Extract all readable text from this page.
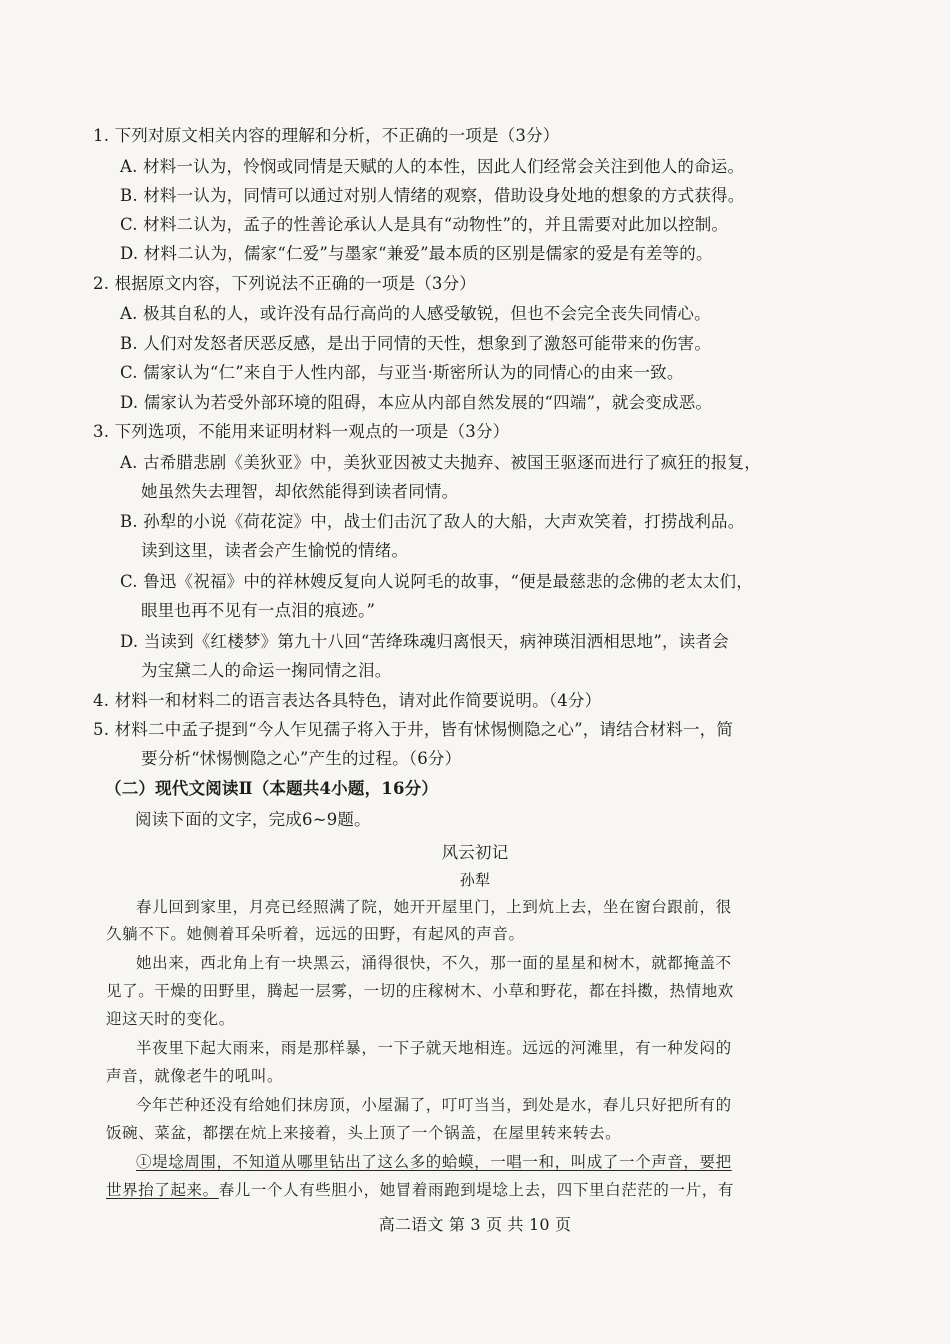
1. 下列对原文相关内容的理解和分析，不正确的一项是（3分）
A. 材料一认为，怜悯或同情是天赋的人的本性，因此人们经常会关注到他人的命运。
B. 材料一认为，同情可以通过对别人情绪的观察，借助设身处地的想象的方式获得。
C. 材料二认为，孟子的性善论承认人是具有“动物性”的，并且需要对此加以控制。
D. 材料二认为，儒家“仁爱”与墨家“兼爱”最本质的区别是儒家的爱是有差等的。
2. 根据原文内容，下列说法不正确的一项是（3分）
A. 极其自私的人，或许没有品行高尚的人感受敏锐，但也不会完全丧失同情心。
B. 人们对发怒者厌恶反感，是出于同情的天性，想象到了激怒可能带来的伤害。
C. 儒家认为“仁”来自于人性内部，与亚当·斯密所认为的同情心的由来一致。
D. 儒家认为若受外部环境的阻碍，本应从内部自然发展的“四端”，就会变成恶。
3. 下列选项，不能用来证明材料一观点的一项是（3分）
A. 古希腊悲剧《美狄亚》中，美狄亚因被丈夫抛弃、被国王驱逐而进行了疯狂的报复，
她虽然失去理智，却依然能得到读者同情。
B. 孙犁的小说《荷花淀》中，战士们击沉了敌人的大船，大声欢笑着，打捞战利品。
读到这里，读者会产生愉悦的情绪。
C. 鲁迅《祝福》中的祥林嫂反复向人说阿毛的故事，“便是最慈悲的念佛的老太太们，
眼里也再不见有一点泪的痕迹。”
D. 当读到《红楼梦》第九十八回“苦绛珠魂归离恨天，病神瑛泪洒相思地”，读者会
为宝黛二人的命运一掬同情之泪。
4. 材料一和材料二的语言表达各具特色，请对此作简要说明。（4分）
5. 材料二中孟子提到“今人乍见孺子将入于井，皆有怵惕恻隐之心”，请结合材料一，简
要分析“怵惕恻隐之心”产生的过程。（6分）
（二）现代文阅读Ⅱ（本题共4小题，16分）
阅读下面的文字，完成6~9题。
风云初记
孙犁
春儿回到家里，月亮已经照满了院，她开开屋里门，上到炕上去，坐在窗台跟前，很
久躺不下。她侧着耳朵听着，远远的田野，有起风的声音。
她出来，西北角上有一块黑云，涌得很快，不久，那一面的星星和树木，就都掩盖不
见了。干燥的田野里，腾起一层雾，一切的庄稼树木、小草和野花，都在抖擞，热情地欢
迎这天时的变化。
半夜里下起大雨来，雨是那样暴，一下子就天地相连。远远的河滩里，有一种发闷的
声音，就像老牛的吼叫。
今年芒种还没有给她们抹房顶，小屋漏了，叮叮当当，到处是水，春儿只好把所有的
饭碗、菜盆，都摆在炕上来接着，头上顶了一个锅盖，在屋里转来转去。
①堤埝周围，不知道从哪里钻出了这么多的蛤蟆，一唱一和，叫成了一个声音，要把
世界抬了起来。春儿一个人有些胆小，她冒着雨跑到堤埝上去，四下里白茫茫的一片，有
高二语文 第 3 页 共 10 页
